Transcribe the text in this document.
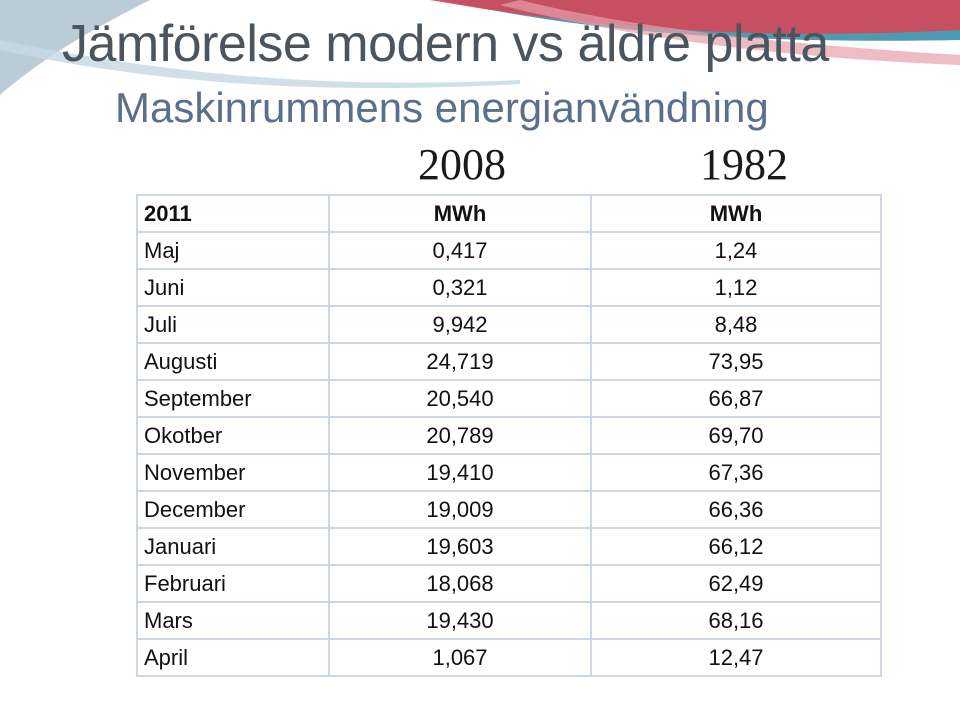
Jämförelse modern vs äldre platta
Maskinrummens energianvändning
2008	1982
2011	MWh	MWh
Maj	0,417	1,24
Juni	0,321	1,12
Juli	9,942	8,48
Augusti	24,719	73,95
September	20,540	66,87
Okotber	20,789	69,70
November	19,410	67,36
December	19,009	66,36
Januari	19,603	66,12
Februari	18,068	62,49
Mars	19,430	68,16
April	1,067	12,47
